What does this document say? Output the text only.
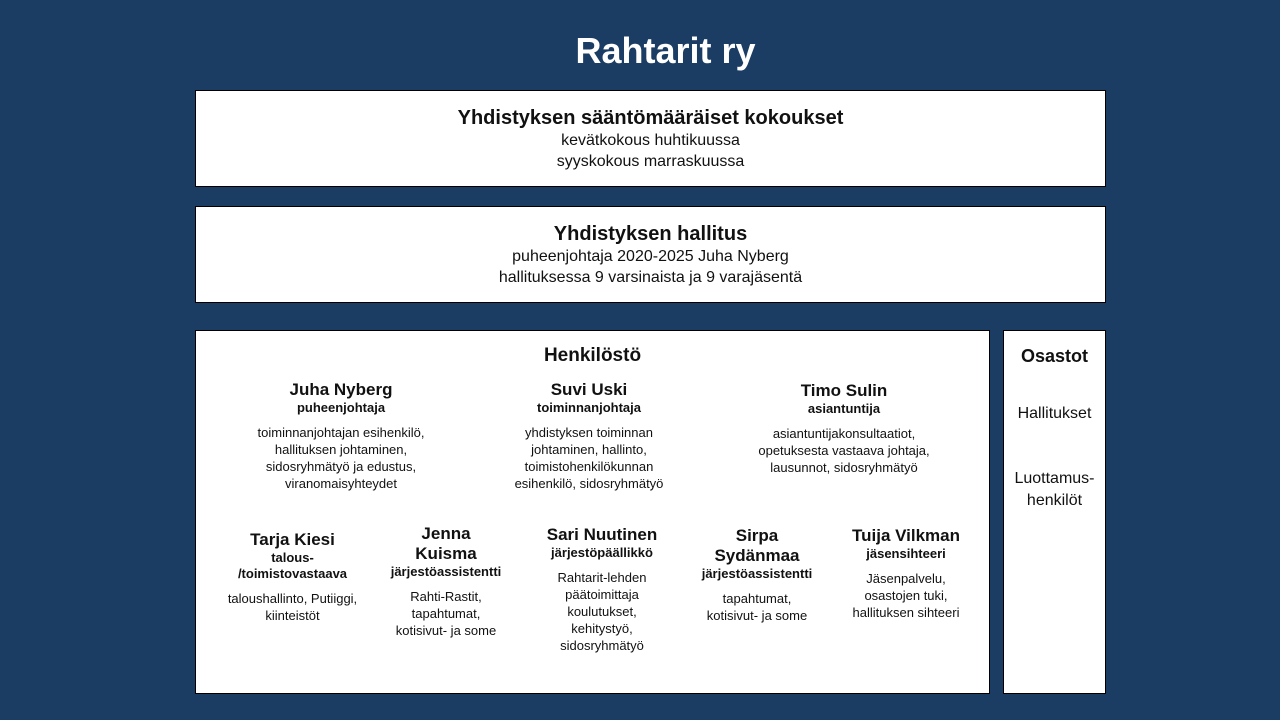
Rahtarit ry
Yhdistyksen sääntömääräiset kokoukset

kevätkokous huhtikuussa

syyskokous marraskuussa

Yhdistyksen hallitus

puheenjohtaja 2020-2025 Juha Nyberg

hallituksessa 9 varsinaista ja 9 varajäsentä

Henkilöstö
Juha Nyberg
puheenjohtaja
toiminnanjohtajan esihenkilö,
hallituksen johtaminen,
sidosryhmätyö ja edustus,
viranomaisyhteydet
Suvi Uski
toiminnanjohtaja
yhdistyksen toiminnan
johtaminen, hallinto,
toimistohenkilökunnan
esihenkilö, sidosryhmätyö
Timo Sulin
asiantuntija
asiantuntijakonsultaatiot,
opetuksesta vastaava johtaja,
lausunnot, sidosryhmätyö
Tarja Kiesi
talous-
/toimistovastaava
taloushallinto, Putiiggi,
kiinteistöt
Jenna
Kuisma
järjestöassistentti
Rahti-Rastit,
tapahtumat,
kotisivut- ja some
Sari Nuutinen
järjestöpäällikkö
Rahtarit-lehden
päätoimittaja
koulutukset,
kehitystyö,
sidosryhmätyö
Sirpa
Sydänmaa
järjestöassistentti
tapahtumat,
kotisivut- ja some
Tuija Vilkman
jäsensihteeri
Jäsenpalvelu,
osastojen tuki,
hallituksen sihteeri
Osastot
Hallitukset
Luottamus-
henkilöt
